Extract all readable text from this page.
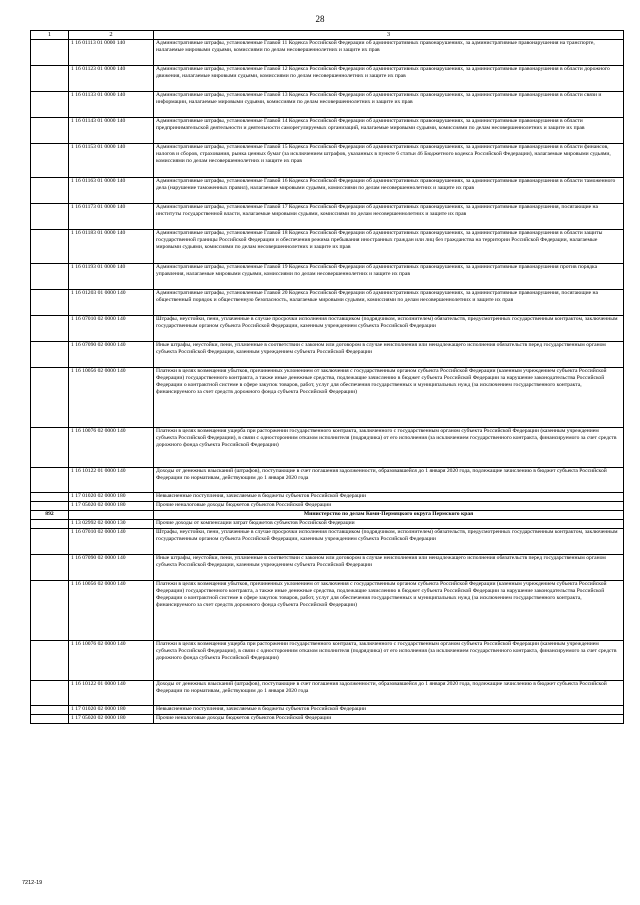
28
1	2	3
	1 16 01113 01 0000 140	Административные штрафы, установленные Главой 11 Кодекса Российской Федерации об административных правонарушениях, за административные правонарушения на транспорте, налагаемые мировыми судьями, комиссиями по делам несовершеннолетних и защите их прав
	1 16 01123 01 0000 140	Административные штрафы, установленные Главой 12 Кодекса Российской Федерации об административных правонарушениях, за административные правонарушения в области дорожного движения, налагаемые мировыми судьями, комиссиями по делам несовершеннолетних и защите их прав
	1 16 01133 01 0000 140	Административные штрафы, установленные Главой 13 Кодекса Российской Федерации об административных правонарушениях, за административные правонарушения в области связи и информации, налагаемые мировыми судьями, комиссиями по делам несовершеннолетних и защите их прав
	1 16 01143 01 0000 140	Административные штрафы, установленные Главой 14 Кодекса Российской Федерации об административных правонарушениях, за административные правонарушения в области предпринимательской деятельности и деятельности саморегулируемых организаций, налагаемые мировыми судьями, комиссиями по делам несовершеннолетних и защите их прав
	1 16 01153 01 0000 140	Административные штрафы, установленные Главой 15 Кодекса Российской Федерации об административных правонарушениях, за административные правонарушения в области финансов, налогов и сборов, страхования, рынка ценных бумаг (за исключением штрафов, указанных в пункте 6 статьи 46 Бюджетного кодекса Российской Федерации), налагаемые мировыми судьями, комиссиями по делам несовершеннолетних и защите их прав
	1 16 01163 01 0000 140	Административные штрафы, установленные Главой 16 Кодекса Российской Федерации об административных правонарушениях, за административные правонарушения в области таможенного дела (нарушение таможенных правил), налагаемые мировыми судьями, комиссиями по делам несовершеннолетних и защите их прав
	1 16 01173 01 0000 140	Административные штрафы, установленные Главой 17 Кодекса Российской Федерации об административных правонарушениях, за административные правонарушения, посягающие на институты государственной власти, налагаемые мировыми судьями, комиссиями по делам несовершеннолетних и защите их прав
	1 16 01183 01 0000 140	Административные штрафы, установленные Главой 18 Кодекса Российской Федерации об административных правонарушениях, за административные правонарушения в области защиты государственной границы Российской Федерации и обеспечения режима пребывания иностранных граждан или лиц без гражданства на территории Российской Федерации, налагаемые мировыми судьями, комиссиями по делам несовершеннолетних и защите их прав
	1 16 01193 01 0000 140	Административные штрафы, установленные Главой 19 Кодекса Российской Федерации об административных правонарушениях, за административные правонарушения против порядка управления, налагаемые мировыми судьями, комиссиями по делам несовершеннолетних и защите их прав
	1 16 01203 01 0000 140	Административные штрафы, установленные Главой 20 Кодекса Российской Федерации об административных правонарушениях, за административные правонарушения, посягающие на общественный порядок и общественную безопасность, налагаемые мировыми судьями, комиссиями по делам несовершеннолетних и защите их прав
	1 16 07010 02 0000 140	Штрафы, неустойки, пени, уплаченные в случае просрочки исполнения поставщиком (подрядчиком, исполнителем) обязательств, предусмотренных государственным контрактом, заключенным государственным органом субъекта Российской Федерации, казенным учреждением субъекта Российской Федерации
	1 16 07090 02 0000 140	Иные штрафы, неустойки, пени, уплаченные в соответствии с законом или договором в случае неисполнения или ненадлежащего исполнения обязательств перед государственным органом субъекта Российской Федерации, казенным учреждением субъекта Российской Федерации
	1 16 10056 02 0000 140	Платежи в целях возмещения убытков, причиненных уклонением от заключения с государственным органом субъекта Российской Федерации (казенным учреждением субъекта Российской Федерации) государственного контракта, а также иные денежные средства, подлежащие зачислению в бюджет субъекта Российской Федерации за нарушение законодательства Российской Федерации о контрактной системе в сфере закупок товаров, работ, услуг для обеспечения государственных и муниципальных нужд (за исключением государственного контракта, финансируемого за счет средств дорожного фонда субъекта Российской Федерации)
	1 16 10076 02 0000 140	Платежи в целях возмещения ущерба при расторжении государственного контракта, заключенного с государственным органом субъекта Российской Федерации (казенным учреждением субъекта Российской Федерации), в связи с односторонним отказом исполнителя (подрядчика) от его исполнения (за исключением государственного контракта, финансируемого за счет средств дорожного фонда субъекта Российской Федерации)
	1 16 10122 01 0000 140	Доходы от денежных взысканий (штрафов), поступающие в счет погашения задолженности, образовавшейся до 1 января 2020 года, подлежащие зачислению в бюджет субъекта Российской Федерации по нормативам, действующим до 1 января 2020 года
	1 17 01020 02 0000 180	Невыясненные поступления, зачисляемые в бюджеты субъектов Российской Федерации
	1 17 05020 02 0000 180	Прочие неналоговые доходы бюджетов субъектов Российской Федерации
892		Министерство по делам Коми-Пермяцкого округа Пермского края
	1 13 02992 02 0000 130	Прочие доходы от компенсации затрат бюджетов субъектов Российской Федерации
	1 16 07010 02 0000 140	Штрафы, неустойки, пени, уплаченные в случае просрочки исполнения поставщиком (подрядчиком, исполнителем) обязательств, предусмотренных государственным контрактом, заключенным государственным органом субъекта Российской Федерации, казенным учреждением субъекта Российской Федерации
	1 16 07090 02 0000 140	Иные штрафы, неустойки, пени, уплаченные в соответствии с законом или договором в случае неисполнения или ненадлежащего исполнения обязательств перед государственным органом субъекта Российской Федерации, казенным учреждением субъекта Российской Федерации
	1 16 10056 02 0000 140	Платежи в целях возмещения убытков, причиненных уклонением от заключения с государственным органом субъекта Российской Федерации (казенным учреждением субъекта Российской Федерации) государственного контракта, а также иные денежные средства, подлежащие зачислению в бюджет субъекта Российской Федерации за нарушение законодательства Российской Федерации о контрактной системе в сфере закупок товаров, работ, услуг для обеспечения государственных и муниципальных нужд (за исключением государственного контракта, финансируемого за счет средств дорожного фонда субъекта Российской Федерации)
	1 16 10076 02 0000 140	Платежи в целях возмещения ущерба при расторжении государственного контракта, заключенного с государственным органом субъекта Российской Федерации (казенным учреждением субъекта Российской Федерации), в связи с односторонним отказом исполнителя (подрядчика) от его исполнения (за исключением государственного контракта, финансируемого за счет средств дорожного фонда субъекта Российской Федерации)
	1 16 10122 01 0000 140	Доходы от денежных взысканий (штрафов), поступающие в счет погашения задолженности, образовавшейся до 1 января 2020 года, подлежащие зачислению в бюджет субъекта Российской Федерации по нормативам, действующим до 1 января 2020 года
	1 17 01020 02 0000 180	Невыясненные поступления, зачисляемые в бюджеты субъектов Российской Федерации
	1 17 05020 02 0000 180	Прочие неналоговые доходы бюджетов субъектов Российской Федерации
7212-19
